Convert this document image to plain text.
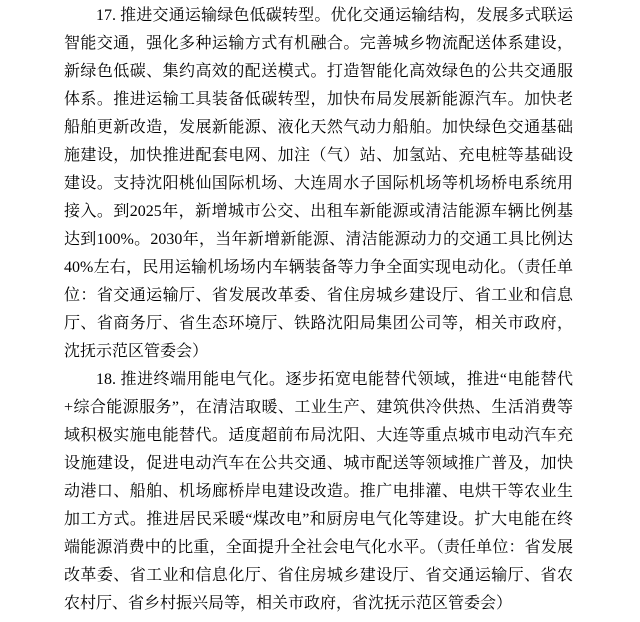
17. 推进交通运输绿色低碳转型。优化交通运输结构，发展多式联运
智能交通，强化多种运输方式有机融合。完善城乡物流配送体系建设，
新绿色低碳、集约高效的配送模式。打造智能化高效绿色的公共交通服
体系。推进运输工具装备低碳转型，加快布局发展新能源汽车。加快老
船舶更新改造，发展新能源、液化天然气动力船舶。加快绿色交通基础
施建设，加快推进配套电网、加注（气）站、加氢站、充电桩等基础设
建设。支持沈阳桃仙国际机场、大连周水子国际机场等机场桥电系统用
接入。到2025年，新增城市公交、出租车新能源或清洁能源车辆比例基
达到100%。2030年，当年新增新能源、清洁能源动力的交通工具比例达
40%左右，民用运输机场场内车辆装备等力争全面实现电动化。（责任单
位：省交通运输厅、省发展改革委、省住房城乡建设厅、省工业和信息
厅、省商务厅、省生态环境厅、铁路沈阳局集团公司等，相关市政府，
沈抚示范区管委会）
18. 推进终端用能电气化。逐步拓宽电能替代领域，推进“电能替代
+综合能源服务”，在清洁取暖、工业生产、建筑供冷供热、生活消费等
域积极实施电能替代。适度超前布局沈阳、大连等重点城市电动汽车充
设施建设，促进电动汽车在公共交通、城市配送等领域推广普及，加快
动港口、船舶、机场廊桥岸电建设改造。推广电排灌、电烘干等农业生
加工方式。推进居民采暖“煤改电”和厨房电气化等建设。扩大电能在终
端能源消费中的比重，全面提升全社会电气化水平。（责任单位：省发展
改革委、省工业和信息化厅、省住房城乡建设厅、省交通运输厅、省农
农村厅、省乡村振兴局等，相关市政府，省沈抚示范区管委会）
